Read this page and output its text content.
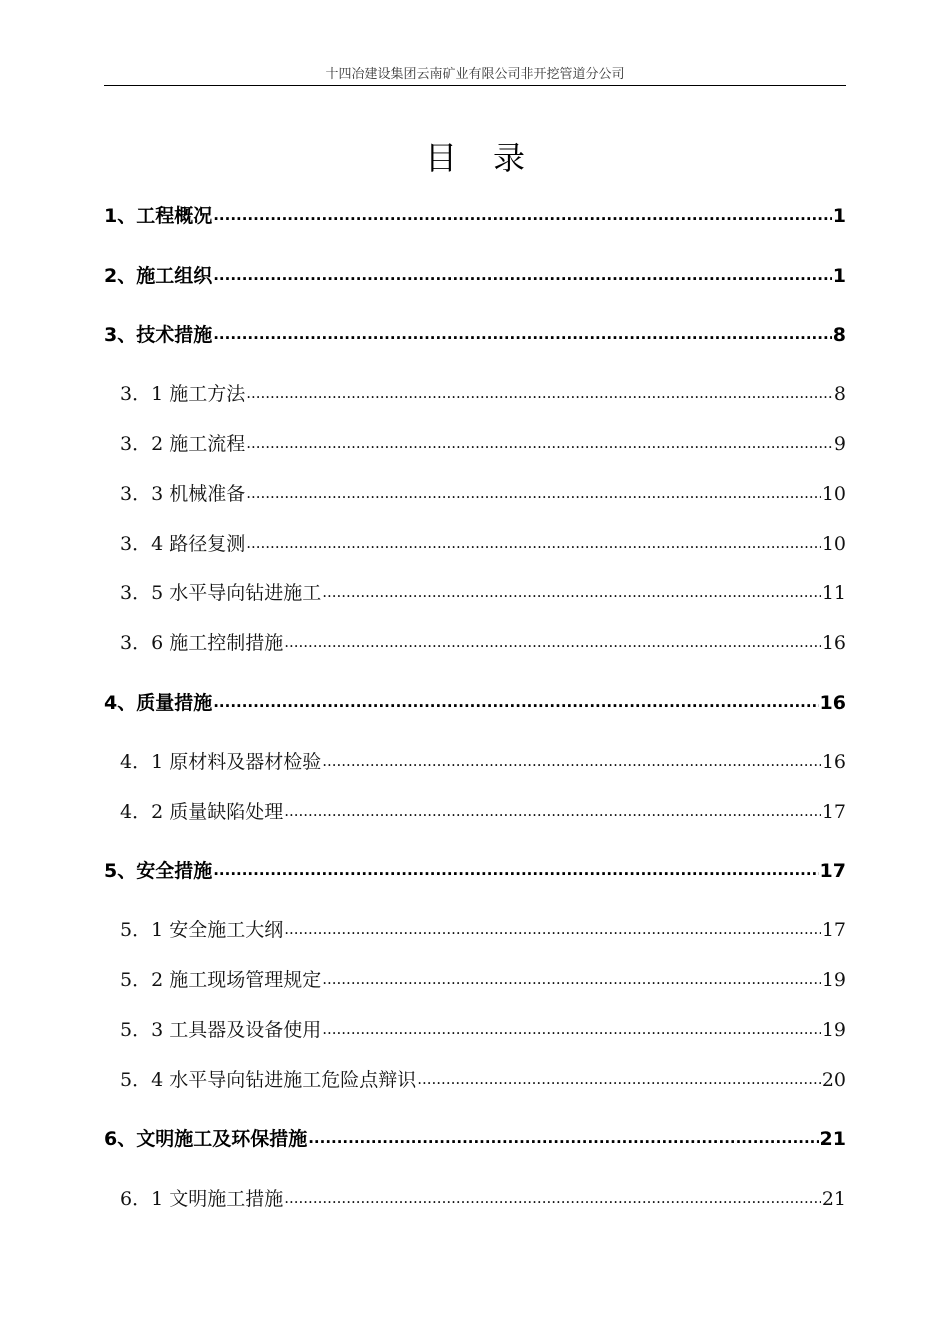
十四冶建设集团云南矿业有限公司非开挖管道分公司
目录
1、工程概况 .....	1
2、施工组织 .....	1
3、技术措施 .....	8
3．1 施工方法 .....	8
3．2 施工流程 .....	9
3．3 机械准备 .....	10
3．4 路径复测 .....	10
3．5 水平导向钻进施工 .....	11
3．6 施工控制措施 .....	16
4、质量措施 .....	16
4．1 原材料及器材检验 .....	16
4．2 质量缺陷处理 .....	17
5、安全措施 .....	17
5．1 安全施工大纲 .....	17
5．2 施工现场管理规定 .....	19
5．3 工具器及设备使用 .....	19
5．4 水平导向钻进施工危险点辩识 .....	20
6、文明施工及环保措施 .....	21
6．1 文明施工措施 .....	21
